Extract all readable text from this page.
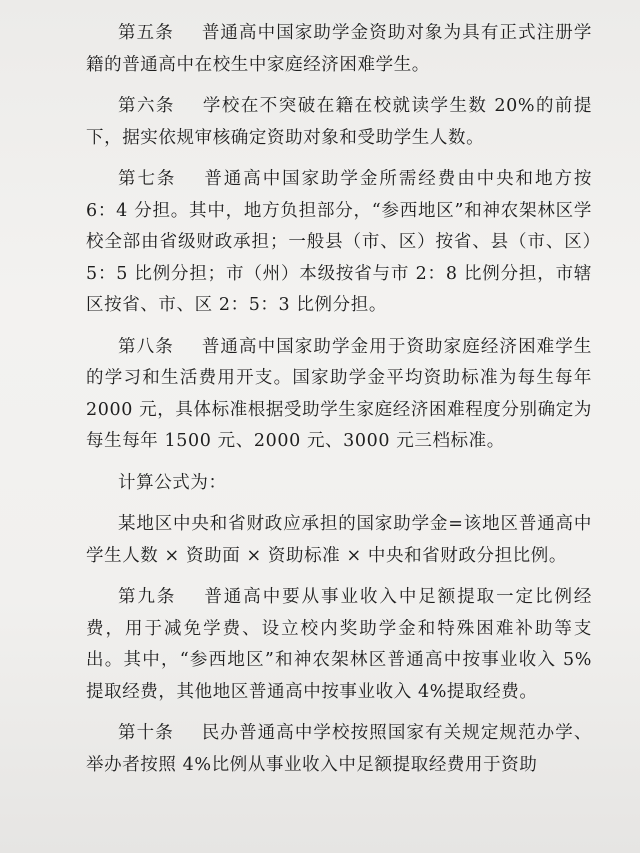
第五条 普通高中国家助学金资助对象为具有正式注册学籍的普通高中在校生中家庭经济困难学生。

第六条 学校在不突破在籍在校就读学生数 20%的前提下，据实依规审核确定资助对象和受助学生人数。

第七条 普通高中国家助学金所需经费由中央和地方按 6：4 分担。其中，地方负担部分，“参西地区”和神农架林区学校全部由省级财政承担；一般县（市、区）按省、县（市、区）5：5 比例分担；市（州）本级按省与市 2：8 比例分担，市辖区按省、市、区 2：5：3 比例分担。

第八条 普通高中国家助学金用于资助家庭经济困难学生的学习和生活费用开支。国家助学金平均资助标准为每生每年 2000 元，具体标准根据受助学生家庭经济困难程度分别确定为每生每年 1500 元、2000 元、3000 元三档标准。

计算公式为：

某地区中央和省财政应承担的国家助学金=该地区普通高中学生人数 × 资助面 × 资助标准 × 中央和省财政分担比例。

第九条 普通高中要从事业收入中足额提取一定比例经费，用于减免学费、设立校内奖助学金和特殊困难补助等支出。其中，“参西地区”和神农架林区普通高中按事业收入 5%提取经费，其他地区普通高中按事业收入 4%提取经费。

第十条 民办普通高中学校按照国家有关规定规范办学、举办者按照 4%比例从事业收入中足额提取经费用于资助
